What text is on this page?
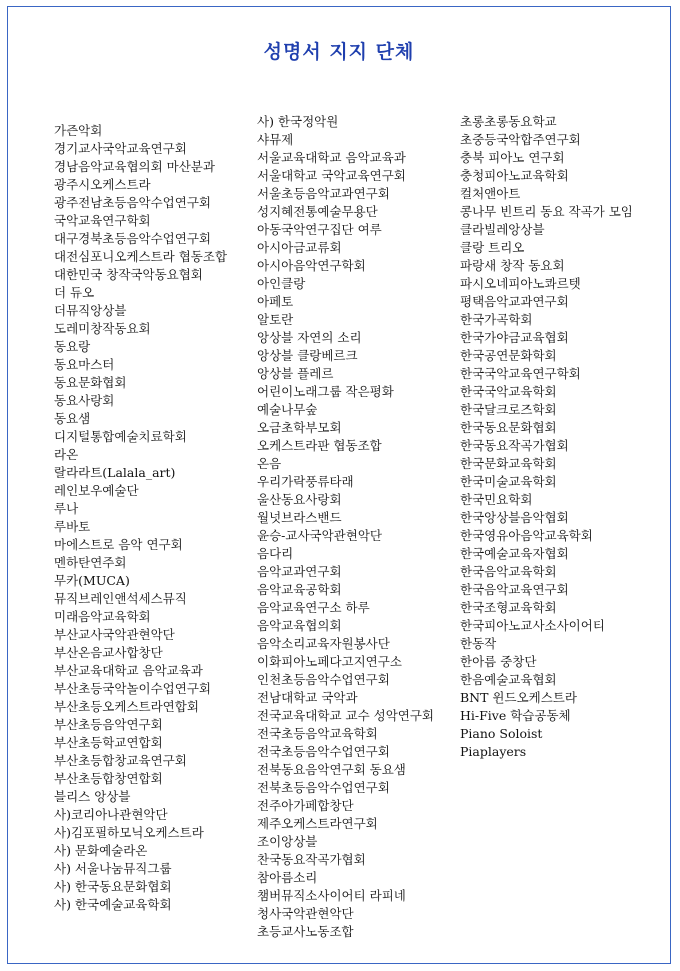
성명서 지지 단체
가즌악회
경기교사국악교육연구회
경남음악교육협의회 마산분과
광주시오케스트라
광주전남초등음악수업연구회
국악교육연구학회
대구경북초등음악수업연구회
대전심포니오케스트라 협동조합
대한민국 창작국악동요협회
더 듀오
더뮤직앙상블
도레미창작동요회
동요랑
동요마스터
동요문화협회
동요사랑회
동요샘
디지털통합예술치료학회
라온
랄라라트(Lalala_art)
레인보우예술단
루나
루바토
마에스트로 음악 연구회
멘하탄연주회
무카(MUCA)
뮤직브레인앤석세스뮤직
미래음악교육학회
부산교사국악관현악단
부산온음교사합창단
부산교육대학교 음악교육과
부산초등국악놀이수업연구회
부산초등오케스트라연합회
부산초등음악연구회
부산초등학교연합회
부산초등합창교육연구회
부산초등합창연합회
블리스 앙상블
사)코리아나관현악단
사)김포필하모닉오케스트라
사) 문화예술라온
사) 서울나눔뮤직그룹
사) 한국동요문화협회
사) 한국예술교육학회
사) 한국정악원
샤뮤제
서울교육대학교 음악교육과
서울대학교 국악교육연구회
서울초등음악교과연구회
성지혜전통예술무용단
아동국악연구집단 여루
아시아금교류회
아시아음악연구학회
아인클랑
아페토
알토란
앙상블 자연의 소리
앙상블 클랑베르크
앙상블 플레르
어린이노래그룹 작은평화
예술나무숲
오금초학부모회
오케스트라판 협동조합
온음
우리가락풍류타래
울산동요사랑회
월넛브라스밴드
윤승-교사국악관현악단
음다리
음악교과연구회
음악교육공학회
음악교육연구소 하루
음악교육협의회
음악소리교육자원봉사단
이화피아노페다고지연구소
인천초등음악수업연구회
전남대학교 국악과
전국교육대학교 교수 성악연구회
전국초등음악교육학회
전국초등음악수업연구회
전북동요음악연구회 동요샘
전북초등음악수업연구회
전주아가페합창단
제주오케스트라연구회
조이앙상블
찬국동요작곡가협회
참아름소리
챔버뮤직소사이어티 라피네
청사국악관현악단
초등교사노동조합
초롱초롱동요학교
초중등국악합주연구회
충북 피아노 연구회
충청피아노교육학회
컬처앤아트
콩나무 빈트리 동요 작곡가 모임
클라빌레앙상블
클랑 트리오
파랑새 창작 동요회
파시오네피아노콰르텟
평택음악교과연구회
한국가곡학회
한국가야금교육협회
한국공연문화학회
한국국악교육연구학회
한국국악교육학회
한국달크로즈학회
한국동요문화협회
한국동요작곡가협회
한국문화교육학회
한국미술교육학회
한국민요학회
한국앙상블음악협회
한국영유아음악교육학회
한국예술교육자협회
한국음악교육학회
한국음악교육연구회
한국조형교육학회
한국피아노교사소사이어티
한동작
한아름 중창단
한음예술교육협회
BNT 윈드오케스트라
Hi-Five 학습공동체
Piano Soloist
Piaplayers
